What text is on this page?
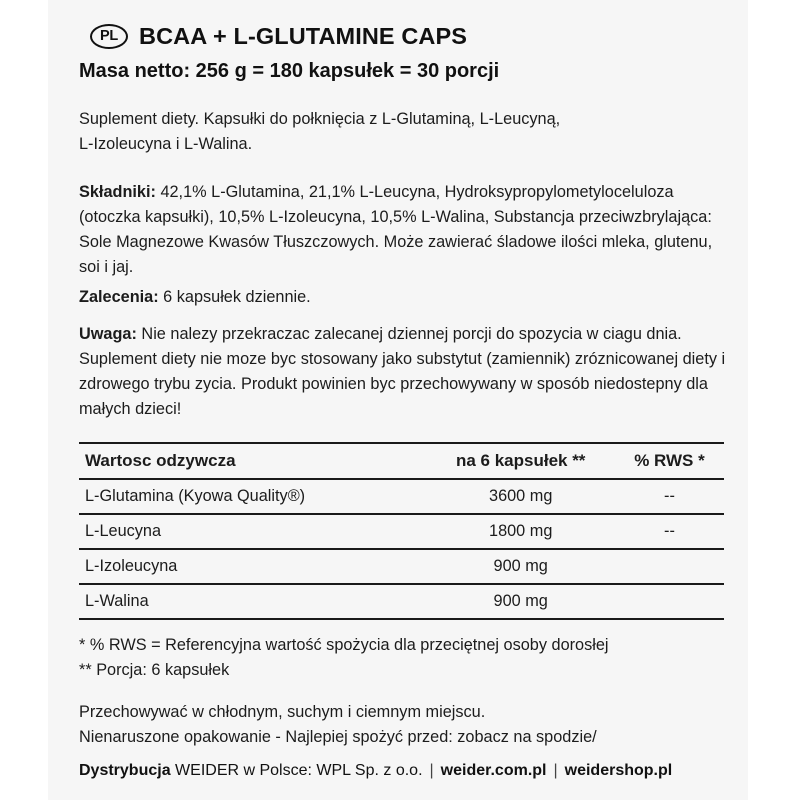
PL BCAA + L-GLUTAMINE CAPS
Masa netto: 256 g = 180 kapsułek = 30 porcji
Suplement diety. Kapsułki do połknięcia z L-Glutaminą, L-Leucyną,
L-Izoleucyna i L-Walina.
Składniki: 42,1% L-Glutamina, 21,1% L-Leucyna, Hydroksypropylometyloceluloza (otoczka kapsułki), 10,5% L-Izoleucyna, 10,5% L-Walina, Substancja przeciwzbrylająca: Sole Magnezowe Kwasów Tłuszczowych. Może zawierać śladowe ilości mleka, glutenu, soi i jaj.
Zalecenia: 6 kapsułek dziennie.
Uwaga: Nie nalezy przekraczac zalecanej dziennej porcji do spozycia w ciagu dnia. Suplement diety nie moze byc stosowany jako substytut (zamiennik) zróznicowanej diety i zdrowego trybu zycia. Produkt powinien byc przechowywany w sposób niedostepny dla małych dzieci!
Wartosc odzywcza	na 6 kapsułek **	% RWS *
L-Glutamina (Kyowa Quality®)	3600 mg	--
L-Leucyna	1800 mg	--
L-Izoleucyna	900 mg	
L-Walina	900 mg	
* % RWS = Referencyjna wartość spożycia dla przeciętnej osoby dorosłej
** Porcja: 6 kapsułek
Przechowywać w chłodnym, suchym i ciemnym miejscu.
Nienaruszone opakowanie - Najlepiej spożyć przed: zobacz na spodzie/
Dystrybucja WEIDER w Polsce: WPL Sp. z o.o. | weider.com.pl | weidershop.pl
